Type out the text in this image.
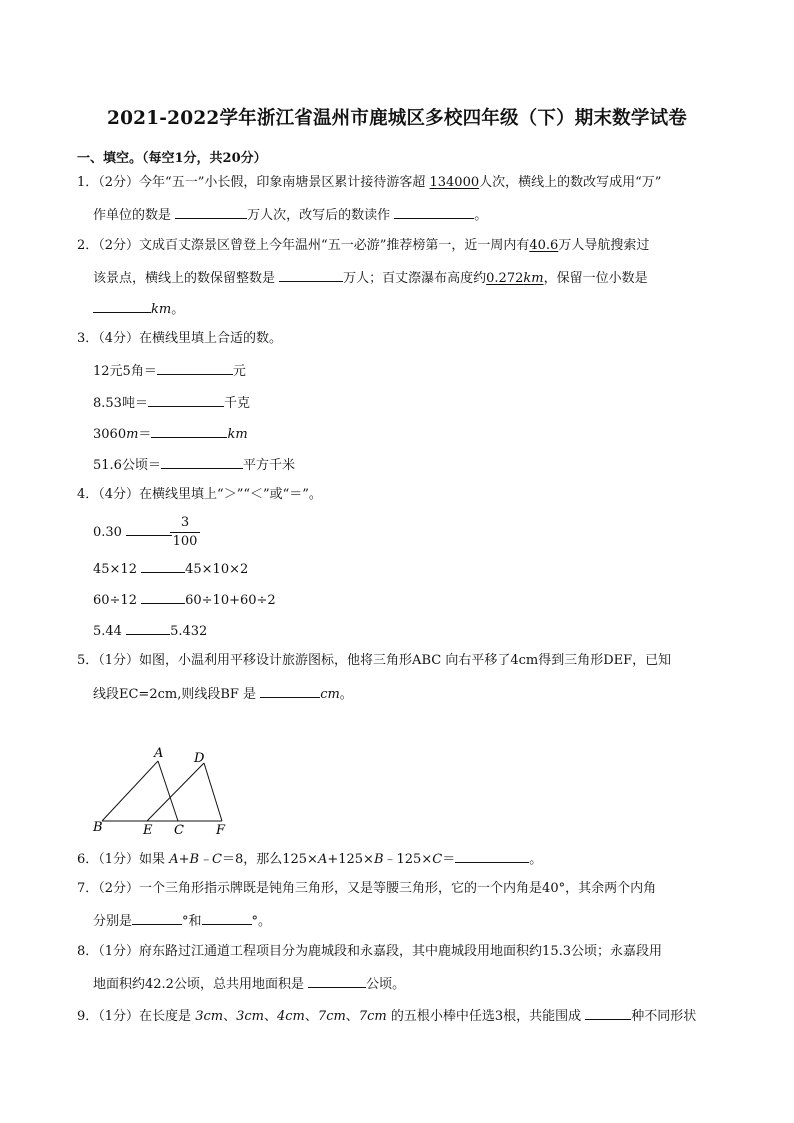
2021-2022学年浙江省温州市鹿城区多校四年级（下）期末数学试卷
一、填空。（每空1分，共20分）
1．（2分）今年“五一”小长假，印象南塘景区累计接待游客超 134000人次，横线上的数改写成用“万”
作单位的数是	万人次，改写后的数读作	。
2．（2分）文成百丈漈景区曾登上今年温州“五一必游”推荐榜第一，近一周内有40.6万人导航搜索过
该景点，横线上的数保留整数是	万人；百丈漈瀑布高度约0.272km，保留一位小数是
km。
3．（4分）在横线里填上合适的数。
12元5角＝	元
8.53吨＝	千克
3060m＝	km
51.6公顷＝	平方千米
4．（4分）在横线里填上“＞”“＜”或“＝”。
0.30	$\frac{3}{100}$
45×12	45×10×2
60÷12	60÷10+60÷2
5.44	5.432
5．（1分）如图，小温利用平移设计旅游图标，他将三角形ABC 向右平移了4cm得到三角形DEF，已知
线段EC=2cm,则线段BF 是	cm。
A D
B	E C F
6．（1分）如果 A+B﹣C＝8，那么125×A+125×B﹣125×C＝	。
7．（2分）一个三角形指示牌既是钝角三角形，又是等腰三角形，它的一个内角是40°，其余两个内角
分别是	°和	°。
8．（1分）府东路过江通道工程项目分为鹿城段和永嘉段，其中鹿城段用地面积约15.3公顷；永嘉段用
地面积约42.2公顷，总共用地面积是	公顷。
9．（1分）在长度是 3cm、3cm、4cm、7cm、7cm 的五根小棒中任选3根，共能围成	种不同形状
